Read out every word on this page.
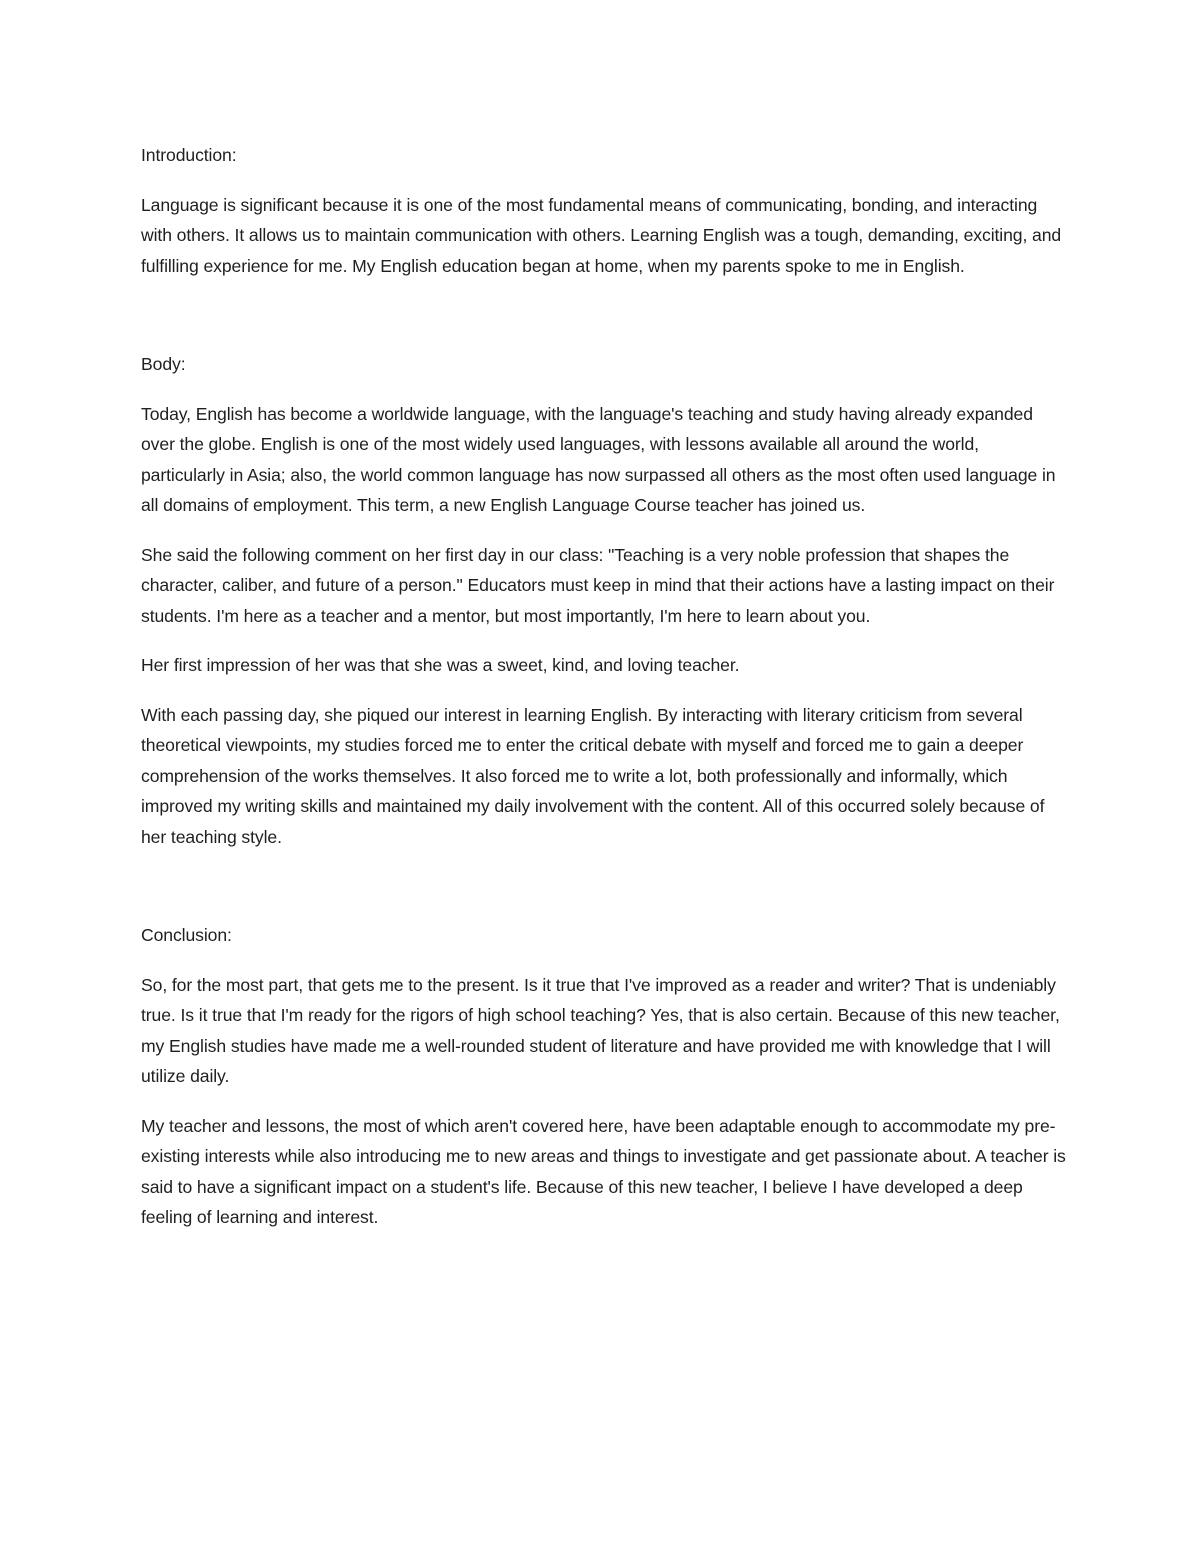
Introduction:

Language is significant because it is one of the most fundamental means of communicating, bonding, and interacting with others. It allows us to maintain communication with others. Learning English was a tough, demanding, exciting, and fulfilling experience for me. My English education began at home, when my parents spoke to me in English.

Body:

Today, English has become a worldwide language, with the language's teaching and study having already expanded over the globe. English is one of the most widely used languages, with lessons available all around the world, particularly in Asia; also, the world common language has now surpassed all others as the most often used language in all domains of employment. This term, a new English Language Course teacher has joined us.

She said the following comment on her first day in our class: "Teaching is a very noble profession that shapes the character, caliber, and future of a person." Educators must keep in mind that their actions have a lasting impact on their students. I'm here as a teacher and a mentor, but most importantly, I'm here to learn about you.

Her first impression of her was that she was a sweet, kind, and loving teacher.

With each passing day, she piqued our interest in learning English. By interacting with literary criticism from several theoretical viewpoints, my studies forced me to enter the critical debate with myself and forced me to gain a deeper comprehension of the works themselves. It also forced me to write a lot, both professionally and informally, which improved my writing skills and maintained my daily involvement with the content. All of this occurred solely because of her teaching style.

Conclusion:

So, for the most part, that gets me to the present. Is it true that I've improved as a reader and writer? That is undeniably true. Is it true that I'm ready for the rigors of high school teaching? Yes, that is also certain. Because of this new teacher, my English studies have made me a well-rounded student of literature and have provided me with knowledge that I will utilize daily.

My teacher and lessons, the most of which aren't covered here, have been adaptable enough to accommodate my pre-existing interests while also introducing me to new areas and things to investigate and get passionate about. A teacher is said to have a significant impact on a student's life. Because of this new teacher, I believe I have developed a deep feeling of learning and interest.
